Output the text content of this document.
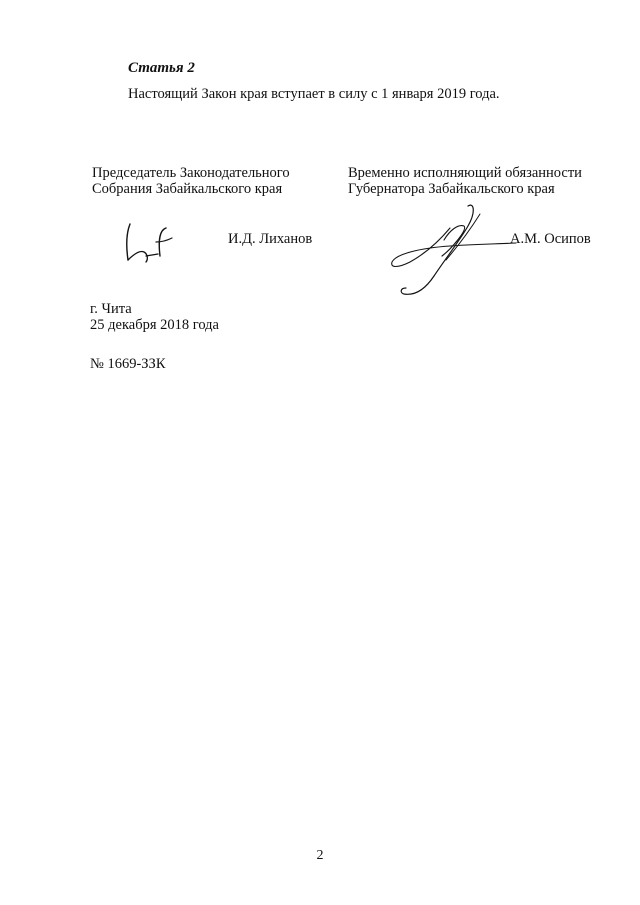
Статья 2
Настоящий Закон края вступает в силу с 1 января 2019 года.
Председатель Законодательного
Собрания Забайкальского края
Временно исполняющий обязанности
Губернатора Забайкальского края
И.Д. Лиханов	А.М. Осипов
г. Чита
25 декабря 2018 года
№ 1669-ЗЗК
2
